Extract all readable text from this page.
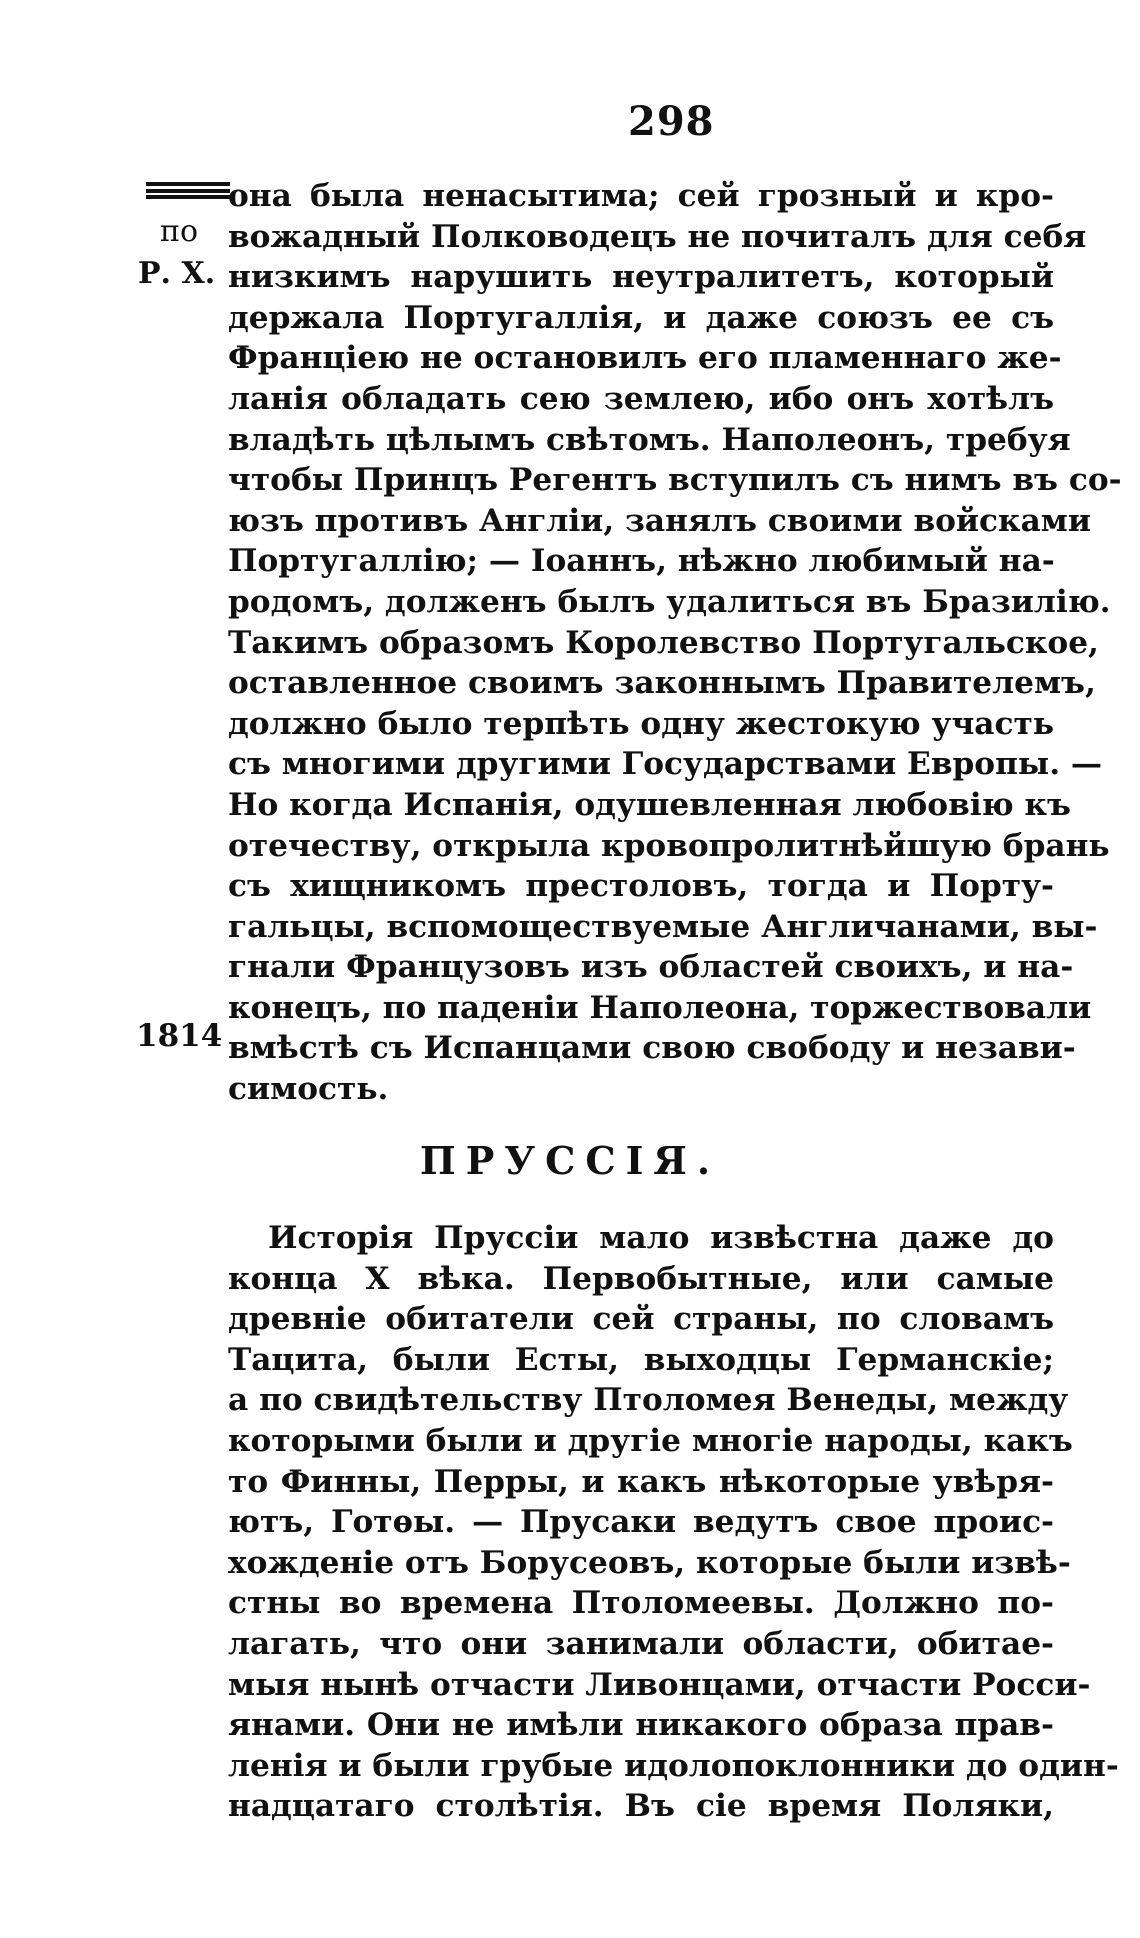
298
по
Р. Х.
1814
она была ненасытима; сей грозный и кро-
вожадный Полководецъ не почиталъ для себя
низкимъ нарушить неутралитетъ, который
держала Португаллія, и даже союзъ ее съ
Франціею не остановилъ его пламеннаго же-
ланія обладать сею землею, ибо онъ хотѣлъ
владѣть цѣлымъ свѣтомъ. Наполеонъ, требуя
чтобы Принцъ Регентъ вступилъ съ нимъ въ со-
юзъ противъ Англіи, занялъ своими войсками
Португаллію; — Іоаннъ, нѣжно любимый на-
родомъ, долженъ былъ удалиться въ Бразилію.
Такимъ образомъ Королевство Португальское,
оставленное своимъ законнымъ Правителемъ,
должно было терпѣть одну жестокую участь
съ многими другими Государствами Европы. —
Но когда Испанія, одушевленная любовію къ
отечеству, открыла кровопролитнѣйшую брань
съ хищникомъ престоловъ, тогда и Порту-
гальцы, вспомоществуемые Англичанами, вы-
гнали Французовъ изъ областей своихъ, и на-
конецъ, по паденіи Наполеона, торжествовали
вмѣстѣ съ Испанцами свою свободу и незави-
симость.
ПРУССІЯ.
Исторія Пруссіи мало извѣстна даже до
конца X вѣка. Первобытные, или самые
древніе обитатели сей страны, по словамъ
Тацита, были Есты, выходцы Германскіе;
а по свидѣтельству Птоломея Венеды, между
которыми были и другіе многіе народы, какъ
то Финны, Перры, и какъ нѣкоторые увѣря-
ютъ, Готѳы. — Прусаки ведутъ свое проис-
хожденіе отъ Борусеовъ, которые были извѣ-
стны во времена Птоломеевы. Должно по-
лагать, что они занимали области, обитае-
мыя нынѣ отчасти Ливонцами, отчасти Росси-
янами. Они не имѣли никакого образа прав-
ленія и были грубые идолопоклонники до один-
надцатаго столѣтія. Въ сіе время Поляки,
